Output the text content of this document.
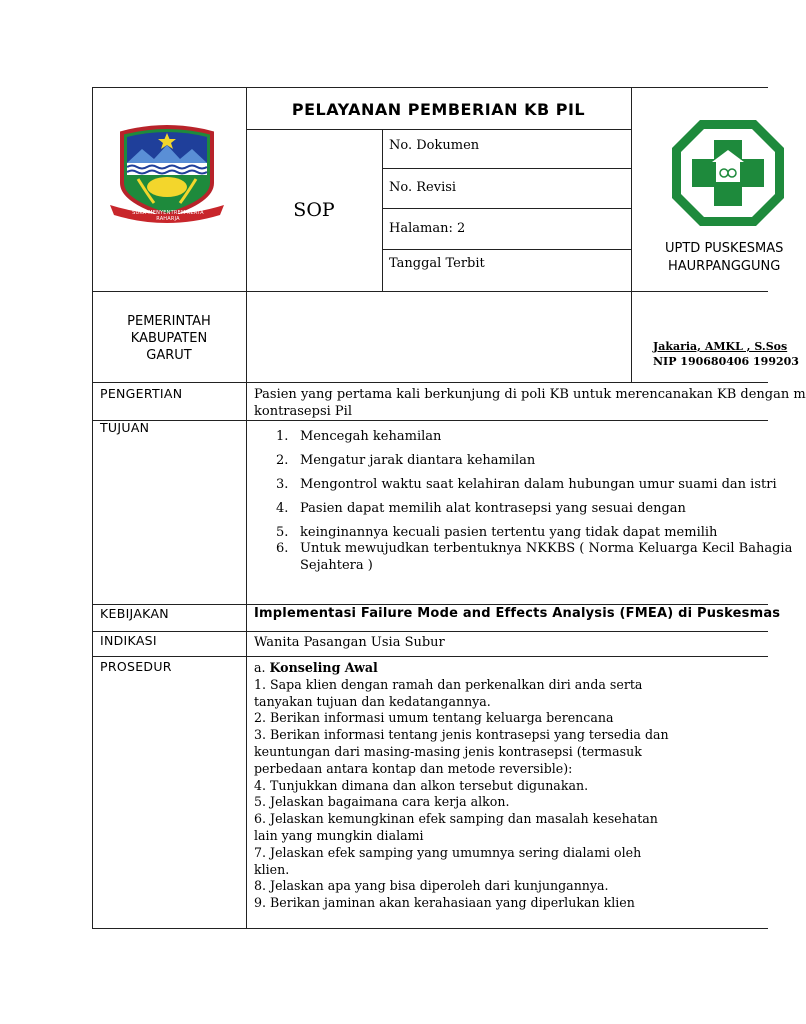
SUKA MENYENTREM KERTA RAHARJA
PELAYANAN PEMBERIAN KB PIL
SOP
No. Dokumen
No. Revisi
Halaman: 2
Tanggal Terbit
UPTD PUSKESMAS
HAURPANGGUNG
PEMERINTAH
KABUPATEN
GARUT
Jakaria, AMKL , S.Sos
NIP 190680406 199203
PENGERTIAN	Pasien yang pertama kali berkunjung di poli KB untuk merencanakan KB dengan m
kontrasepsi Pil
TUJUAN
1. Mencegah kehamilan
2. Mengatur jarak diantara kehamilan
3. Mengontrol waktu saat kelahiran dalam hubungan umur suami dan istri
4. Pasien dapat memilih alat kontrasepsi yang sesuai dengan
5. keinginannya kecuali pasien tertentu yang tidak dapat memilih
6. Untuk mewujudkan terbentuknya NKKBS ( Norma Keluarga Kecil Bahagia
Sejahtera )
KEBIJAKAN	Implementasi Failure Mode and Effects Analysis (FMEA) di Puskesmas
INDIKASI	Wanita Pasangan Usia Subur
PROSEDUR	a. Konseling Awal
1. Sapa klien dengan ramah dan perkenalkan diri anda serta
tanyakan tujuan dan kedatangannya.
2. Berikan informasi umum tentang keluarga berencana
3. Berikan informasi tentang jenis kontrasepsi yang tersedia dan
keuntungan dari masing-masing jenis kontrasepsi (termasuk
perbedaan antara kontap dan metode reversible):
4. Tunjukkan dimana dan alkon tersebut digunakan.
5. Jelaskan bagaimana cara kerja alkon.
6. Jelaskan kemungkinan efek samping dan masalah kesehatan
lain yang mungkin dialami
7. Jelaskan efek samping yang umumnya sering dialami oleh
klien.
8. Jelaskan apa yang bisa diperoleh dari kunjungannya.
9. Berikan jaminan akan kerahasiaan yang diperlukan klien
